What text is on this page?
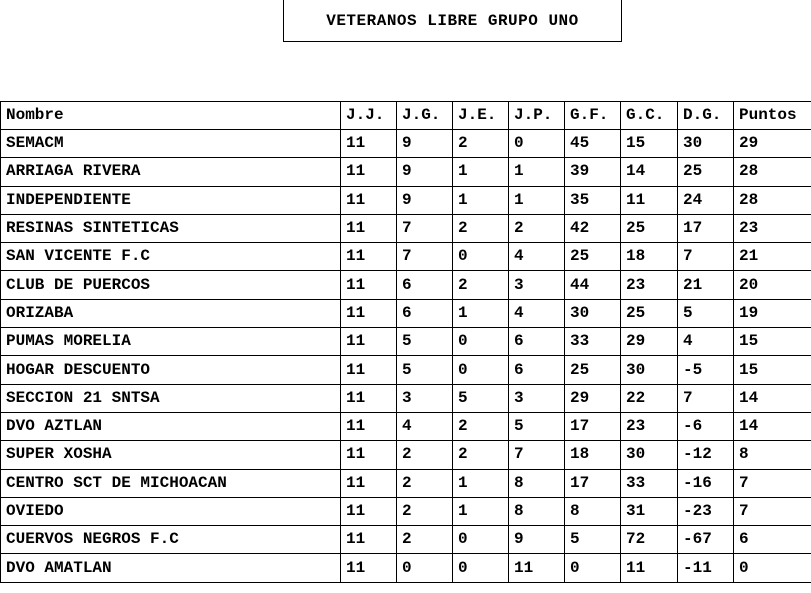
VETERANOS LIBRE GRUPO UNO
Nombre	J.J.	J.G.	J.E.	J.P.	G.F.	G.C.	D.G.	Puntos
SEMACM	11	9	2	0	45	15	30	29
ARRIAGA RIVERA	11	9	1	1	39	14	25	28
INDEPENDIENTE	11	9	1	1	35	11	24	28
RESINAS SINTETICAS	11	7	2	2	42	25	17	23
SAN VICENTE F.C	11	7	0	4	25	18	7	21
CLUB DE PUERCOS	11	6	2	3	44	23	21	20
ORIZABA	11	6	1	4	30	25	5	19
PUMAS MORELIA	11	5	0	6	33	29	4	15
HOGAR DESCUENTO	11	5	0	6	25	30	-5	15
SECCION 21 SNTSA	11	3	5	3	29	22	7	14
DVO AZTLAN	11	4	2	5	17	23	-6	14
SUPER XOSHA	11	2	2	7	18	30	-12	8
CENTRO SCT DE MICHOACAN	11	2	1	8	17	33	-16	7
OVIEDO	11	2	1	8	8	31	-23	7
CUERVOS NEGROS F.C	11	2	0	9	5	72	-67	6
DVO AMATLAN	11	0	0	11	0	11	-11	0
